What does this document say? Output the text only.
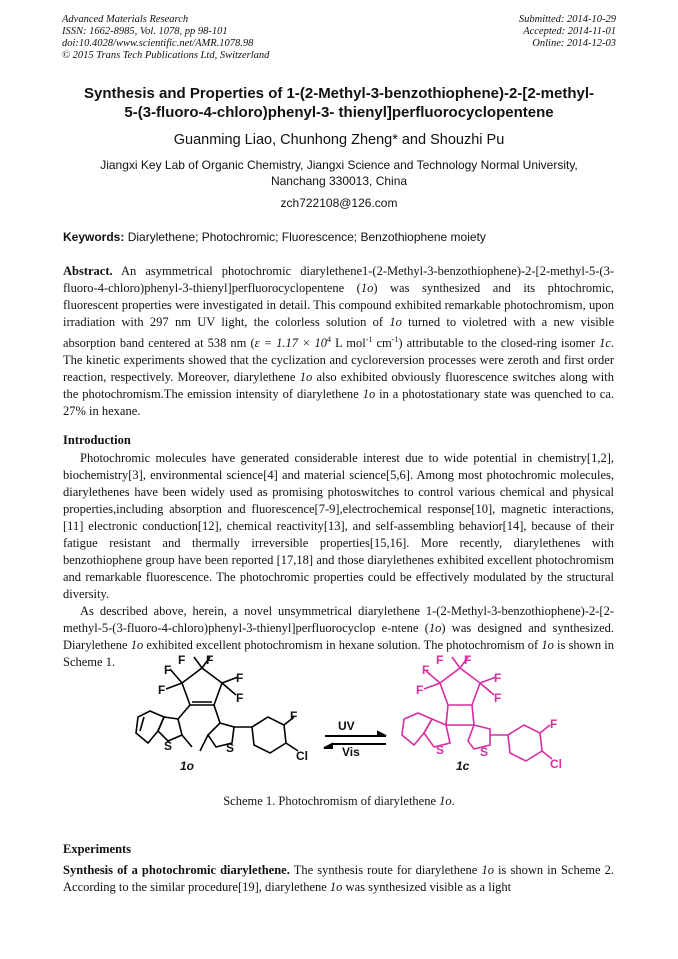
Advanced Materials Research
ISSN: 1662-8985, Vol. 1078, pp 98-101
doi:10.4028/www.scientific.net/AMR.1078.98
© 2015 Trans Tech Publications Ltd, Switzerland
Submitted: 2014-10-29
Accepted: 2014-11-01
Online: 2014-12-03
Synthesis and Properties of 1-(2-Methyl-3-benzothiophene)-2-[2-methyl-
5-(3-fluoro-4-chloro)phenyl-3- thienyl]perfluorocyclopentene
Guanming Liao, Chunhong Zheng* and Shouzhi Pu
Jiangxi Key Lab of Organic Chemistry, Jiangxi Science and Technology Normal University,
Nanchang 330013, China
zch722108@126.com
Keywords: Diarylethene; Photochromic; Fluorescence; Benzothiophene moiety

Abstract. An asymmetrical photochromic diarylethene1-(2-Methyl-3-benzothiophene)-2-[2-methyl-5-(3-fluoro-4-chloro)phenyl-3-thienyl]perfluorocyclopentene (1o) was synthesized and its phtochromic, fluorescent properties were investigated in detail. This compound exhibited remarkable photochromism, upon irradiation with 297 nm UV light, the colorless solution of 1o turned to violetred with a new visible absorption band centered at 538 nm ($\varepsilon = 1.17 \times 10^4$ L mol$^{-1}$ $cm^{-1}$) attributable to the closed-ring isomer 1c. The kinetic experiments showed that the cyclization and cycloreversion processes were zeroth and first order reaction, respectively. Moreover, diarylethene 1o also exhibited obviously fluorescence switches along with the photochromism.The emission intensity of diarylethene 1o in a photostationary state was quenched to ca. 27% in hexane.

Introduction

Photochromic molecules have generated considerable interest due to wide potential in chemistry[1,2], biochemistry[3], environmental science[4] and material science[5,6]. Among most photochromic molecules, diarylethenes have been widely used as promising photoswitches to control various chemical and physical properties,including absorption and fluorescence[7-9],electrochemical response[10], magnetic interactions,[11] electronic conduction[12], chemical reactivity[13], and self-assembling behavior[14], because of their fatigue resistant and thermally irreversible properties[15,16]. More recently, diarylethenes with benzothiophene group have been reported [17,18] and those diarylethenes exhibited excellent photochromism and remarkable fluorescence. The photochromic properties could be effectively modulated by the structural diversity.

As described above, herein, a novel unsymmetrical diarylethene 1-(2-Methyl-3-benzothiophene)-2-[2-methyl-5-(3-fluoro-4-chloro)phenyl-3-thienyl]perfluorocyclop e-ntene (1o) was designed and synthesized. Diarylethene 1o exhibited excellent photochromism in hexane solution. The photochromism of 1o is shown in Scheme 1.

F
F F
F
F
F
S	S
F
Cl
1o
UV
Vis
F
F F
F
F
F
S	S
F
Cl
1c
Scheme 1. Photochromism of diarylethene 1o.
Experiments

Synthesis of a photochromic diarylethene. The synthesis route for diarylethene 1o is shown in Scheme 2. According to the similar procedure[19], diarylethene 1o was synthesized visible as a light
